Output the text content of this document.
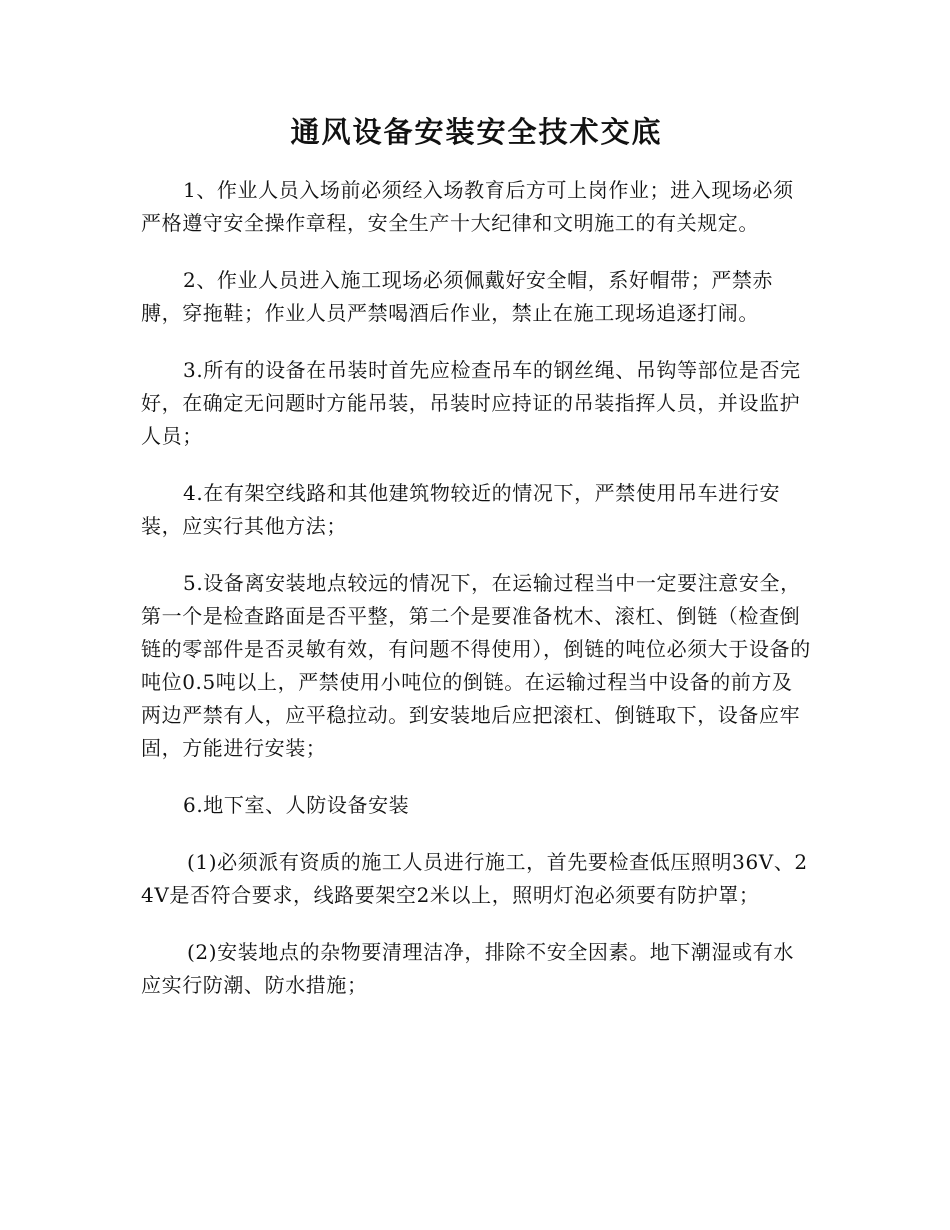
通风设备安装安全技术交底

1、作业人员入场前必须经入场教育后方可上岗作业；进入现场必须严格遵守安全操作章程，安全生产十大纪律和文明施工的有关规定。

2、作业人员进入施工现场必须佩戴好安全帽，系好帽带；严禁赤膊，穿拖鞋；作业人员严禁喝酒后作业，禁止在施工现场追逐打闹。

3.所有的设备在吊装时首先应检查吊车的钢丝绳、吊钩等部位是否完好，在确定无问题时方能吊装，吊装时应持证的吊装指挥人员，并设监护人员；

4.在有架空线路和其他建筑物较近的情况下，严禁使用吊车进行安装，应实行其他方法；

5.设备离安装地点较远的情况下，在运输过程当中一定要注意安全，第一个是检查路面是否平整，第二个是要准备枕木、滚杠、倒链（检查倒链的零部件是否灵敏有效，有问题不得使用），倒链的吨位必须大于设备的吨位0.5吨以上，严禁使用小吨位的倒链。在运输过程当中设备的前方及两边严禁有人，应平稳拉动。到安装地后应把滚杠、倒链取下，设备应牢固，方能进行安装；

6.地下室、人防设备安装

(1)必须派有资质的施工人员进行施工，首先要检查低压照明36V、24V是否符合要求，线路要架空2米以上，照明灯泡必须要有防护罩；

(2)安装地点的杂物要清理洁净，排除不安全因素。地下潮湿或有水应实行防潮、防水措施；
